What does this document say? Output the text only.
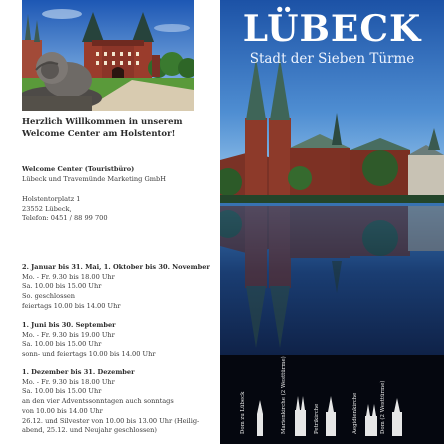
Herzlich Willkommen in unserem
Welcome Center am Holstentor!

Welcome Center (Touristbüro)

Lübeck und Travemünde Marketing GmbH

Holstentorplatz 1

23552 Lübeck,

Telefon: 0451 / 88 99 700

2. Januar bis 31. Mai, 1. Oktober bis 30. November

Mo. - Fr. 9.30 bis 18.00 Uhr

Sa. 10.00 bis 15.00 Uhr

So. geschlossen

feiertags 10.00 bis 14.00 Uhr

1. Juni bis 30. September

Mo. - Fr. 9.30 bis 19.00 Uhr

Sa. 10.00 bis 15.00 Uhr

sonn- und feiertags 10.00 bis 14.00 Uhr

1. Dezember bis 31. Dezember

Mo. - Fr. 9.30 bis 18.00 Uhr

Sa. 10.00 bis 15.00 Uhr

an den vier Adventssonntagen auch sonntags

von 10.00 bis 14.00 Uhr

26.12. und Silvester von 10.00 bis 13.00 Uhr (Heilig-

abend, 25.12. und Neujahr geschlossen)

LÜBECK

Stadt der Sieben Türme

Dom zu Lübeck	Marienkirche (2 Westtürme)	Petrikirche	Aegidienkirche	Dom (2 Westtürme)
